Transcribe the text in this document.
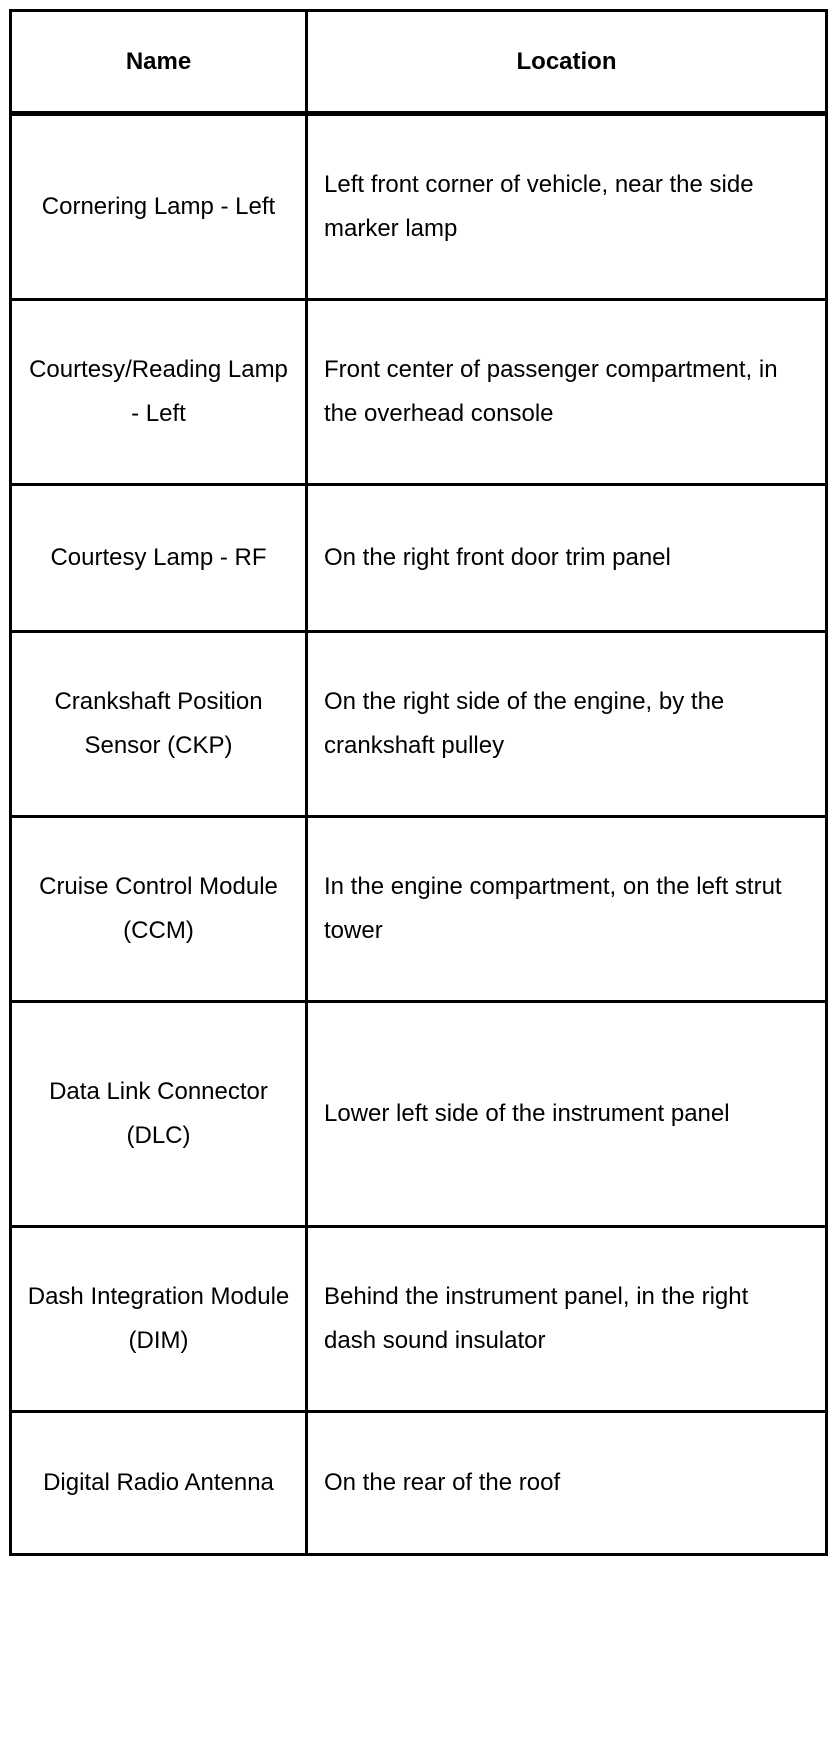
Name	Location
Cornering Lamp - Left	Left front corner of vehicle, near the side marker lamp
Courtesy/Reading Lamp - Left	Front center of passenger compartment, in the overhead console
Courtesy Lamp - RF	On the right front door trim panel
Crankshaft Position Sensor (CKP)	On the right side of the engine, by the crankshaft pulley
Cruise Control Module (CCM)	In the engine compartment, on the left strut tower
Data Link Connector (DLC)	Lower left side of the instrument panel
Dash Integration Module (DIM)	Behind the instrument panel, in the right dash sound insulator
Digital Radio Antenna	On the rear of the roof
